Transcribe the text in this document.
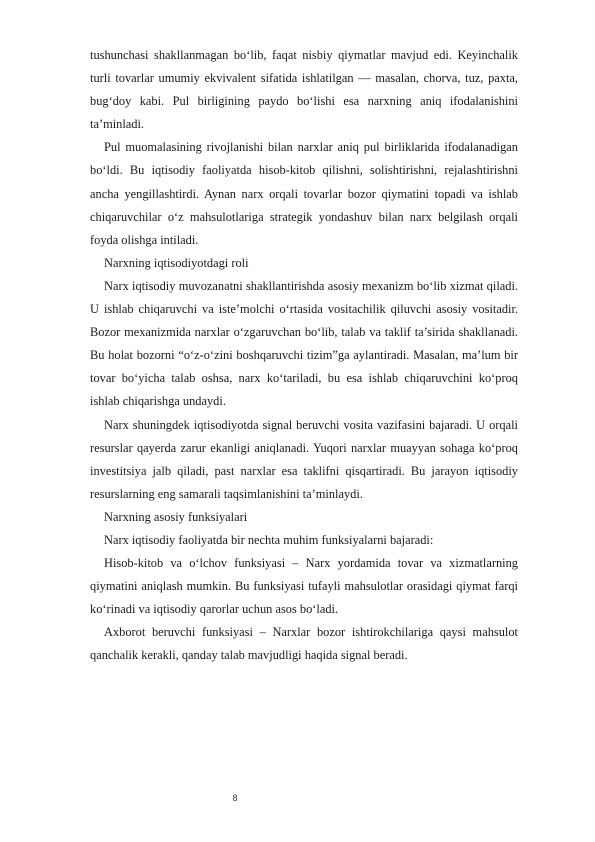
tushunchasi shakllanmagan bo‘lib, faqat nisbiy qiymatlar mavjud edi. Keyinchalik turli tovarlar umumiy ekvivalent sifatida ishlatilgan — masalan, chorva, tuz, paxta, bug‘doy kabi. Pul birligining paydo bo‘lishi esa narxning aniq ifodalanishini ta’minladi.

Pul muomalasining rivojlanishi bilan narxlar aniq pul birliklarida ifodalanadigan bo‘ldi. Bu iqtisodiy faoliyatda hisob-kitob qilishni, solishtirishni, rejalashtirishni ancha yengillashtirdi. Aynan narx orqali tovarlar bozor qiymatini topadi va ishlab chiqaruvchilar o‘z mahsulotlariga strategik yondashuv bilan narx belgilash orqali foyda olishga intiladi.

Narxning iqtisodiyotdagi roli

Narx iqtisodiy muvozanatni shakllantirishda asosiy mexanizm bo‘lib xizmat qiladi. U ishlab chiqaruvchi va iste’molchi o‘rtasida vositachilik qiluvchi asosiy vositadir. Bozor mexanizmida narxlar o‘zgaruvchan bo‘lib, talab va taklif ta’sirida shakllanadi. Bu holat bozorni “o‘z-o‘zini boshqaruvchi tizim”ga aylantiradi. Masalan, ma’lum bir tovar bo‘yicha talab oshsa, narx ko‘tariladi, bu esa ishlab chiqaruvchini ko‘proq ishlab chiqarishga undaydi.

Narx shuningdek iqtisodiyotda signal beruvchi vosita vazifasini bajaradi. U orqali resurslar qayerda zarur ekanligi aniqlanadi. Yuqori narxlar muayyan sohaga ko‘proq investitsiya jalb qiladi, past narxlar esa taklifni qisqartiradi. Bu jarayon iqtisodiy resurslarning eng samarali taqsimlanishini ta’minlaydi.

Narxning asosiy funksiyalari

Narx iqtisodiy faoliyatda bir nechta muhim funksiyalarni bajaradi:

Hisob-kitob va o‘lchov funksiyasi – Narx yordamida tovar va xizmatlarning qiymatini aniqlash mumkin. Bu funksiyasi tufayli mahsulotlar orasidagi qiymat farqi ko‘rinadi va iqtisodiy qarorlar uchun asos bo‘ladi.

Axborot beruvchi funksiyasi – Narxlar bozor ishtirokchilariga qaysi mahsulot qanchalik kerakli, qanday talab mavjudligi haqida signal beradi.

8
